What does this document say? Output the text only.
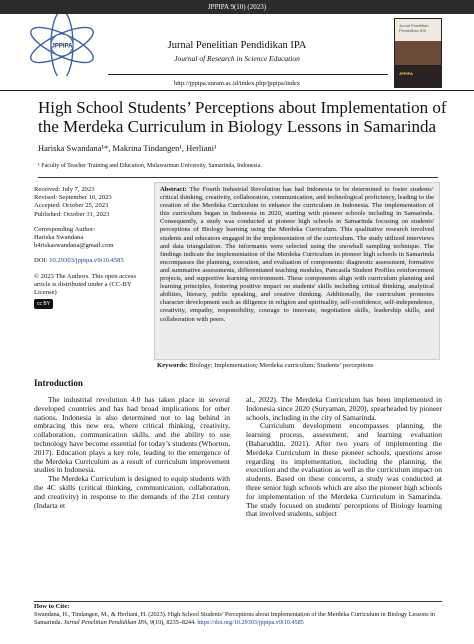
JPPIPA 9(10) (2023)
JPPIPA
Jurnal Penelitian Pendidikan IPA
JPPIPA
Jurnal Penelitian Pendidikan IPA
Journal of Research in Science Education
http://jppipa.unram.ac.id/index.php/jppipa/index
High School Students’ Perceptions about Implementation of the Merdeka Curriculum in Biology Lessons in Samarinda
Hariska Swandana¹*, Makrina Tindangen¹, Herliani¹
¹ Faculty of Teacher Training and Education, Mulawarman University, Samarinda, Indonesia.
Received: July 7, 2023
Revised: September 10, 2023
Accepted: October 25, 2023
Published: October 31, 2023
Corresponding Author:
Hariska Swandana
h4riskaswandana@gmail.com
DOI: 10.29303/jppipa.v9i10.4585
© 2023 The Authors. This open access article is distributed under a (CC-BY License)
cc BY
Abstract: The Fourth Industrial Revolution has had Indonesia to be determined to foster students’ critical thinking, creativity, collaboration, communication, and technological proficiency, leading to the creation of the Merdeka Curriculum to enhance the curriculum in Indonesia. The implementation of this curriculum began in Indonesia in 2020, starting with pioneer schools including in Samarinda. Consequently, a study was conducted at pioneer high schools in Samarinda focusing on students' perceptions of Biology learning using the Merdeka Curriculum. This qualitative research involved students and educators engaged in the implementation of the curriculum. The study utilized interviews and data triangulation. The informants were selected using the snowball sampling technique. The findings indicate the implementation of the Merdeka Curriculum in pioneer high schools in Samarinda encompasses the planning, execution, and evaluation of components: diagnostic assessment, formative and summative assessments, differentiated teaching modules, Pancasila Student Profiles reinforcement projects, and supportive learning environment. These components align with curriculum planning and learning principles, fostering positive impact on students' skills including critical thinking, analytical abilities, literacy, public speaking, and creative thinking. Additionally, the curriculum promotes character development such as diligence in religion and spirituality, self-confidence, self-independence, creativity, empathy, responsibility, courage to innovate, negotiation skills, leadership skills, and collaboration with peers.
Keywords: Biology; Implementation; Merdeka curriculum; Students’ perceptions
Introduction

The industrial revolution 4.0 has taken place in several developed countries and has had broad implications for other nations. Indonesia is also determined not to lag behind in embracing this new era, where critical thinking, creativity, collaboration, communication skills, and the ability to use technology have become essential for today’s students (Whorton, 2017). Education plays a key role, leading to the emergence of the Merdeka Curriculum as a result of curriculum improvement studies in Indonesia.

The Merdeka Curriculum is designed to equip students with the 4C skills (critical thinking, communication, collaboration, and creativity) in response to the demands of the 21st century (Indarta et

al., 2022). The Merdeka Curriculum has been implemented in Indonesia since 2020 (Suryaman, 2020), spearheaded by pioneer schools, including in the city of Samarinda.

Curriculum development encompasses planning, the learning process, assessment, and learning evaluation (Baharuddin, 2021). After two years of implementing the Merdeka Curriculum in these pioneer schools, questions arose regarding its implementation, including the planning, the execution and the evaluation as well as the curriculum impact on students. Based on these concerns, a study was conducted at three senior high schools which are also the pioneer high schools for implementation of the Merdeka Curriculum in Samarinda. The study focused on students' perceptions of Biology learning that involved students, subject

How to Cite:
Swandana, H., Tindangen, M., & Herliani, H. (2023). High School Students’ Perceptions about Implementation of the Merdeka Curriculum in Biology Lessons in Samarinda. Jurnal Penelitian Pendidikan IPA, 9(10), 8235–8244. https://doi.org/10.29303/jppipa.v9i10.4585
